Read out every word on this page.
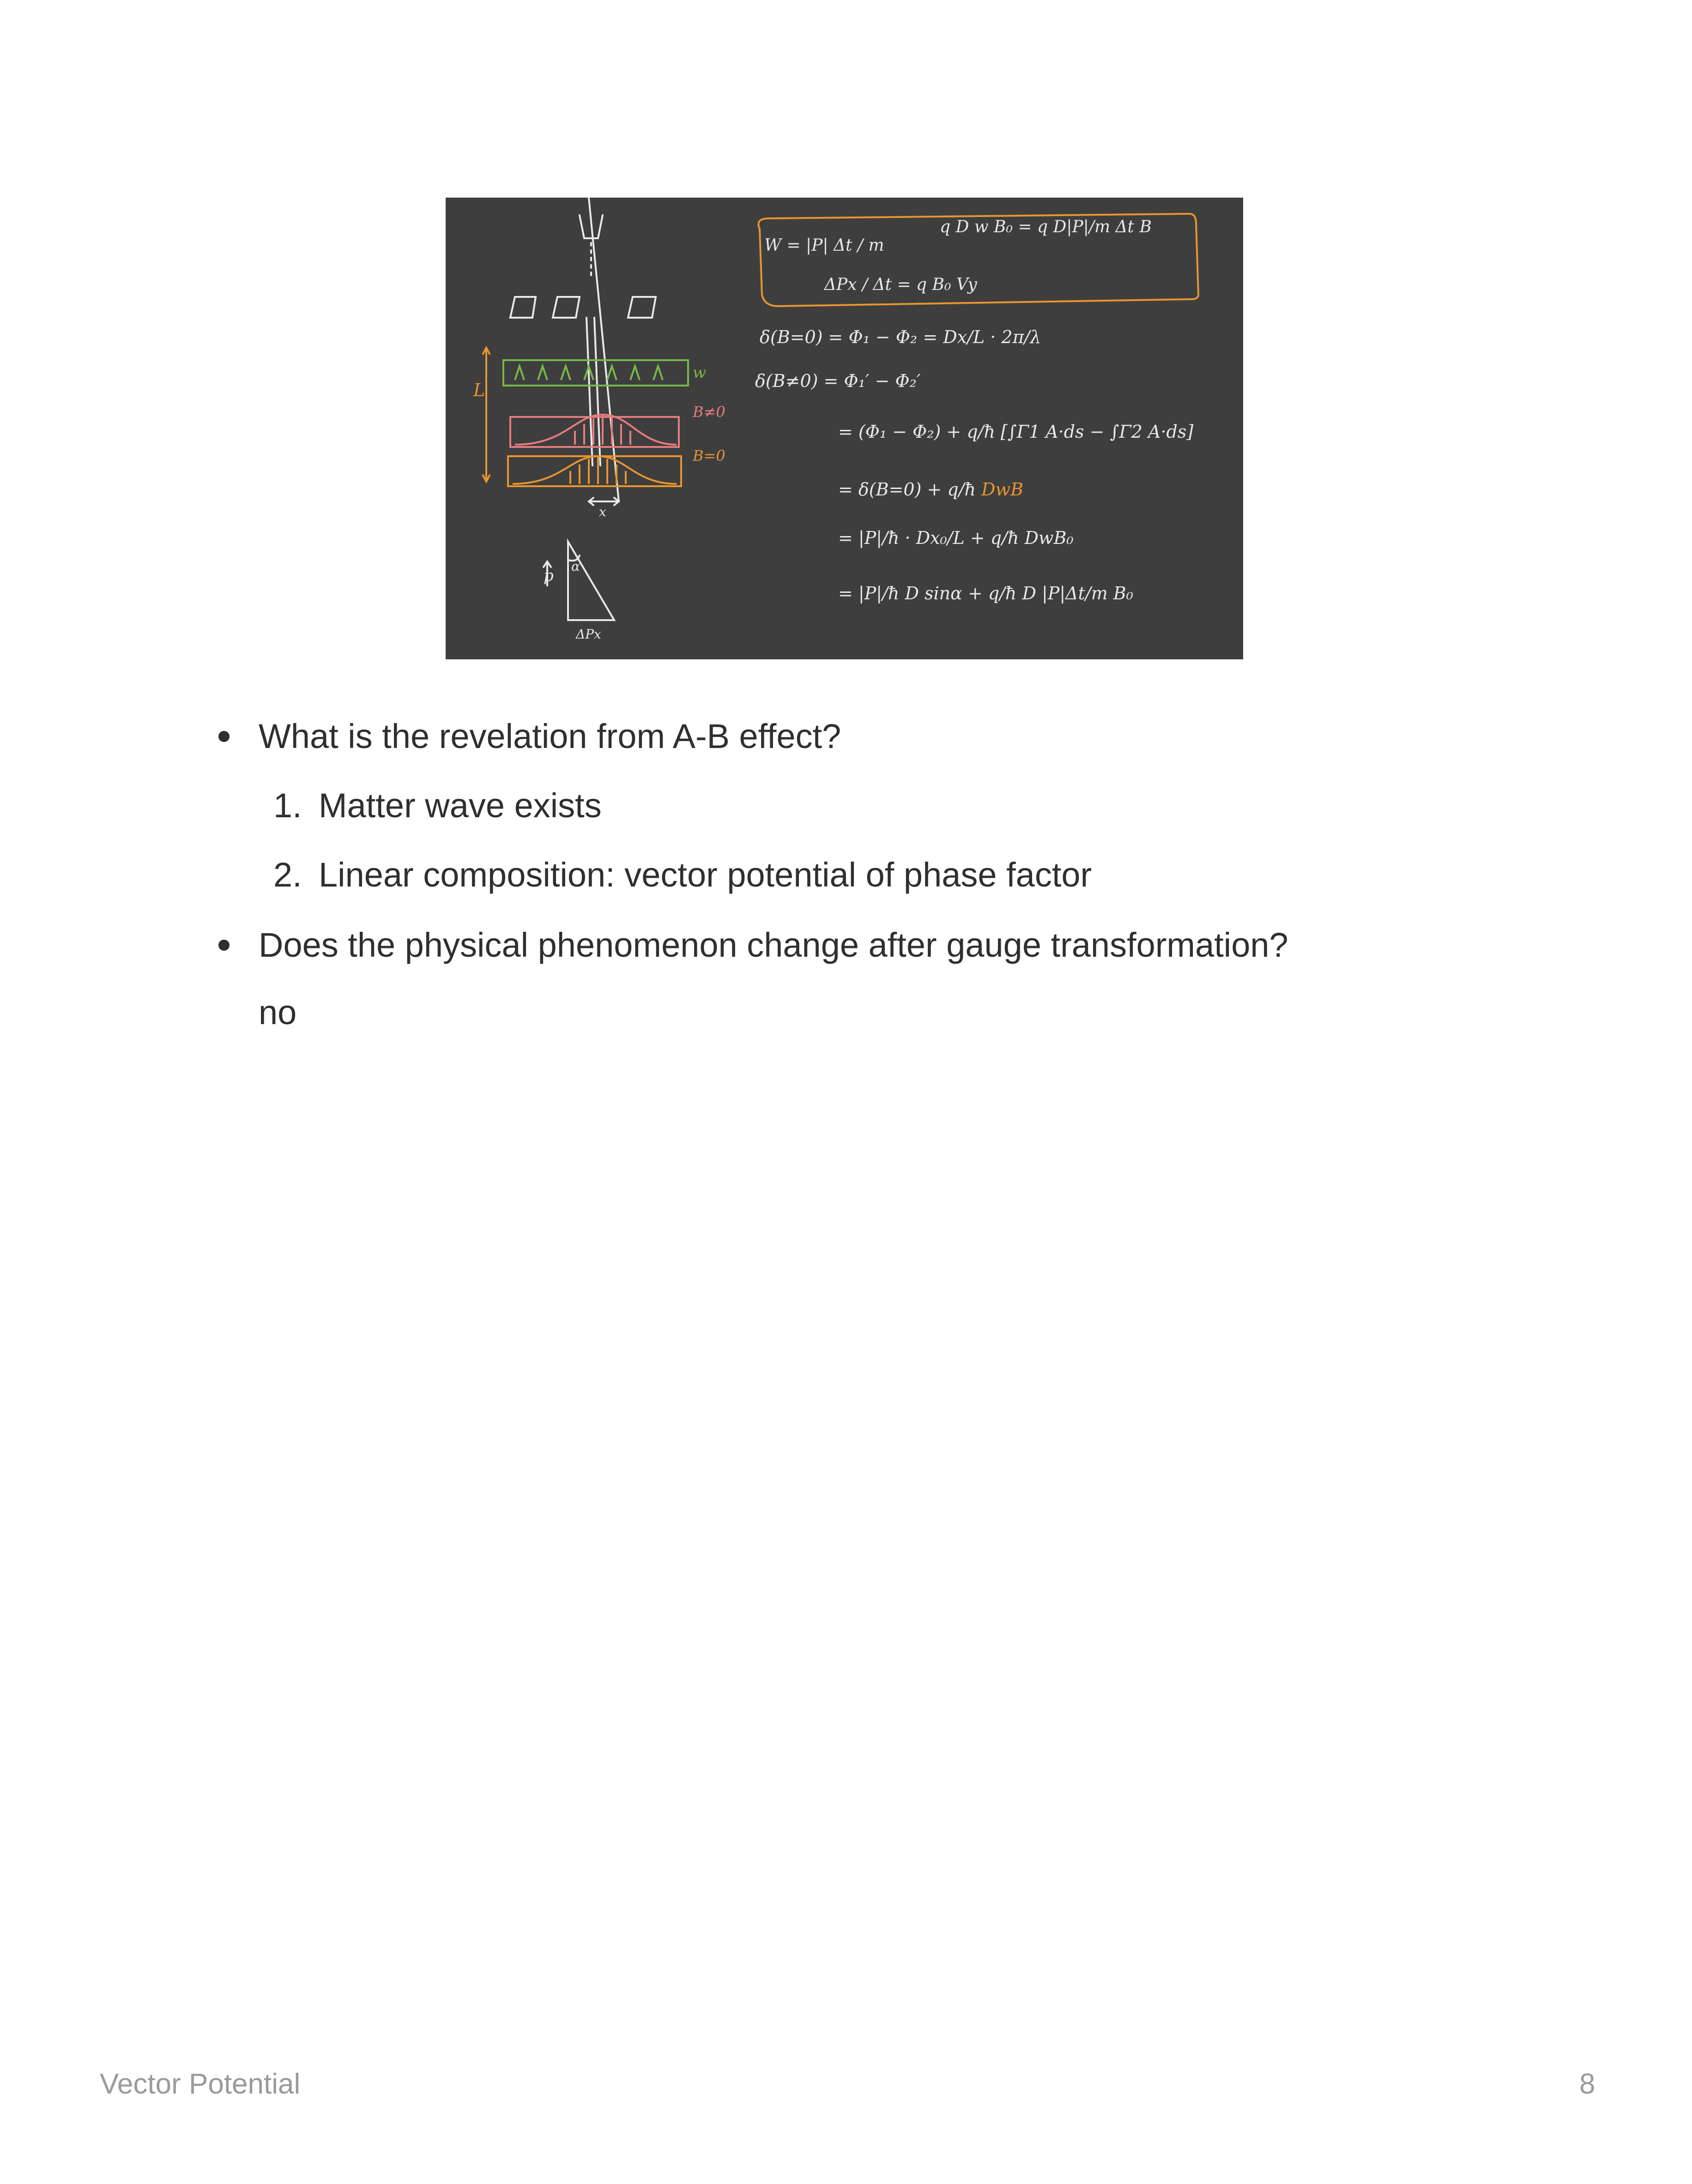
L
w
B≠0
B=0
x
p
α
ΔPx
W = |P| Δt / m
q D w B₀ = q D|P|/m Δt B
ΔPx / Δt = q B₀ Vy
δ(B=0) = Φ₁ − Φ₂ = Dx/L · 2π/λ
δ(B≠0) = Φ₁′ − Φ₂′
= (Φ₁ − Φ₂) + q/ħ [∫Γ1 A·ds − ∫Γ2 A·ds]
= δ(B=0) + q/ħ DwB
= |P|/ħ · Dx₀/L + q/ħ DwB₀
= |P|/ħ D sinα + q/ħ D |P|Δt/m B₀
What is the revelation from A-B effect?
1. Matter wave exists
2. Linear composition: vector potential of phase factor
Does the physical phenomenon change after gauge transformation?
no
Vector Potential	8
